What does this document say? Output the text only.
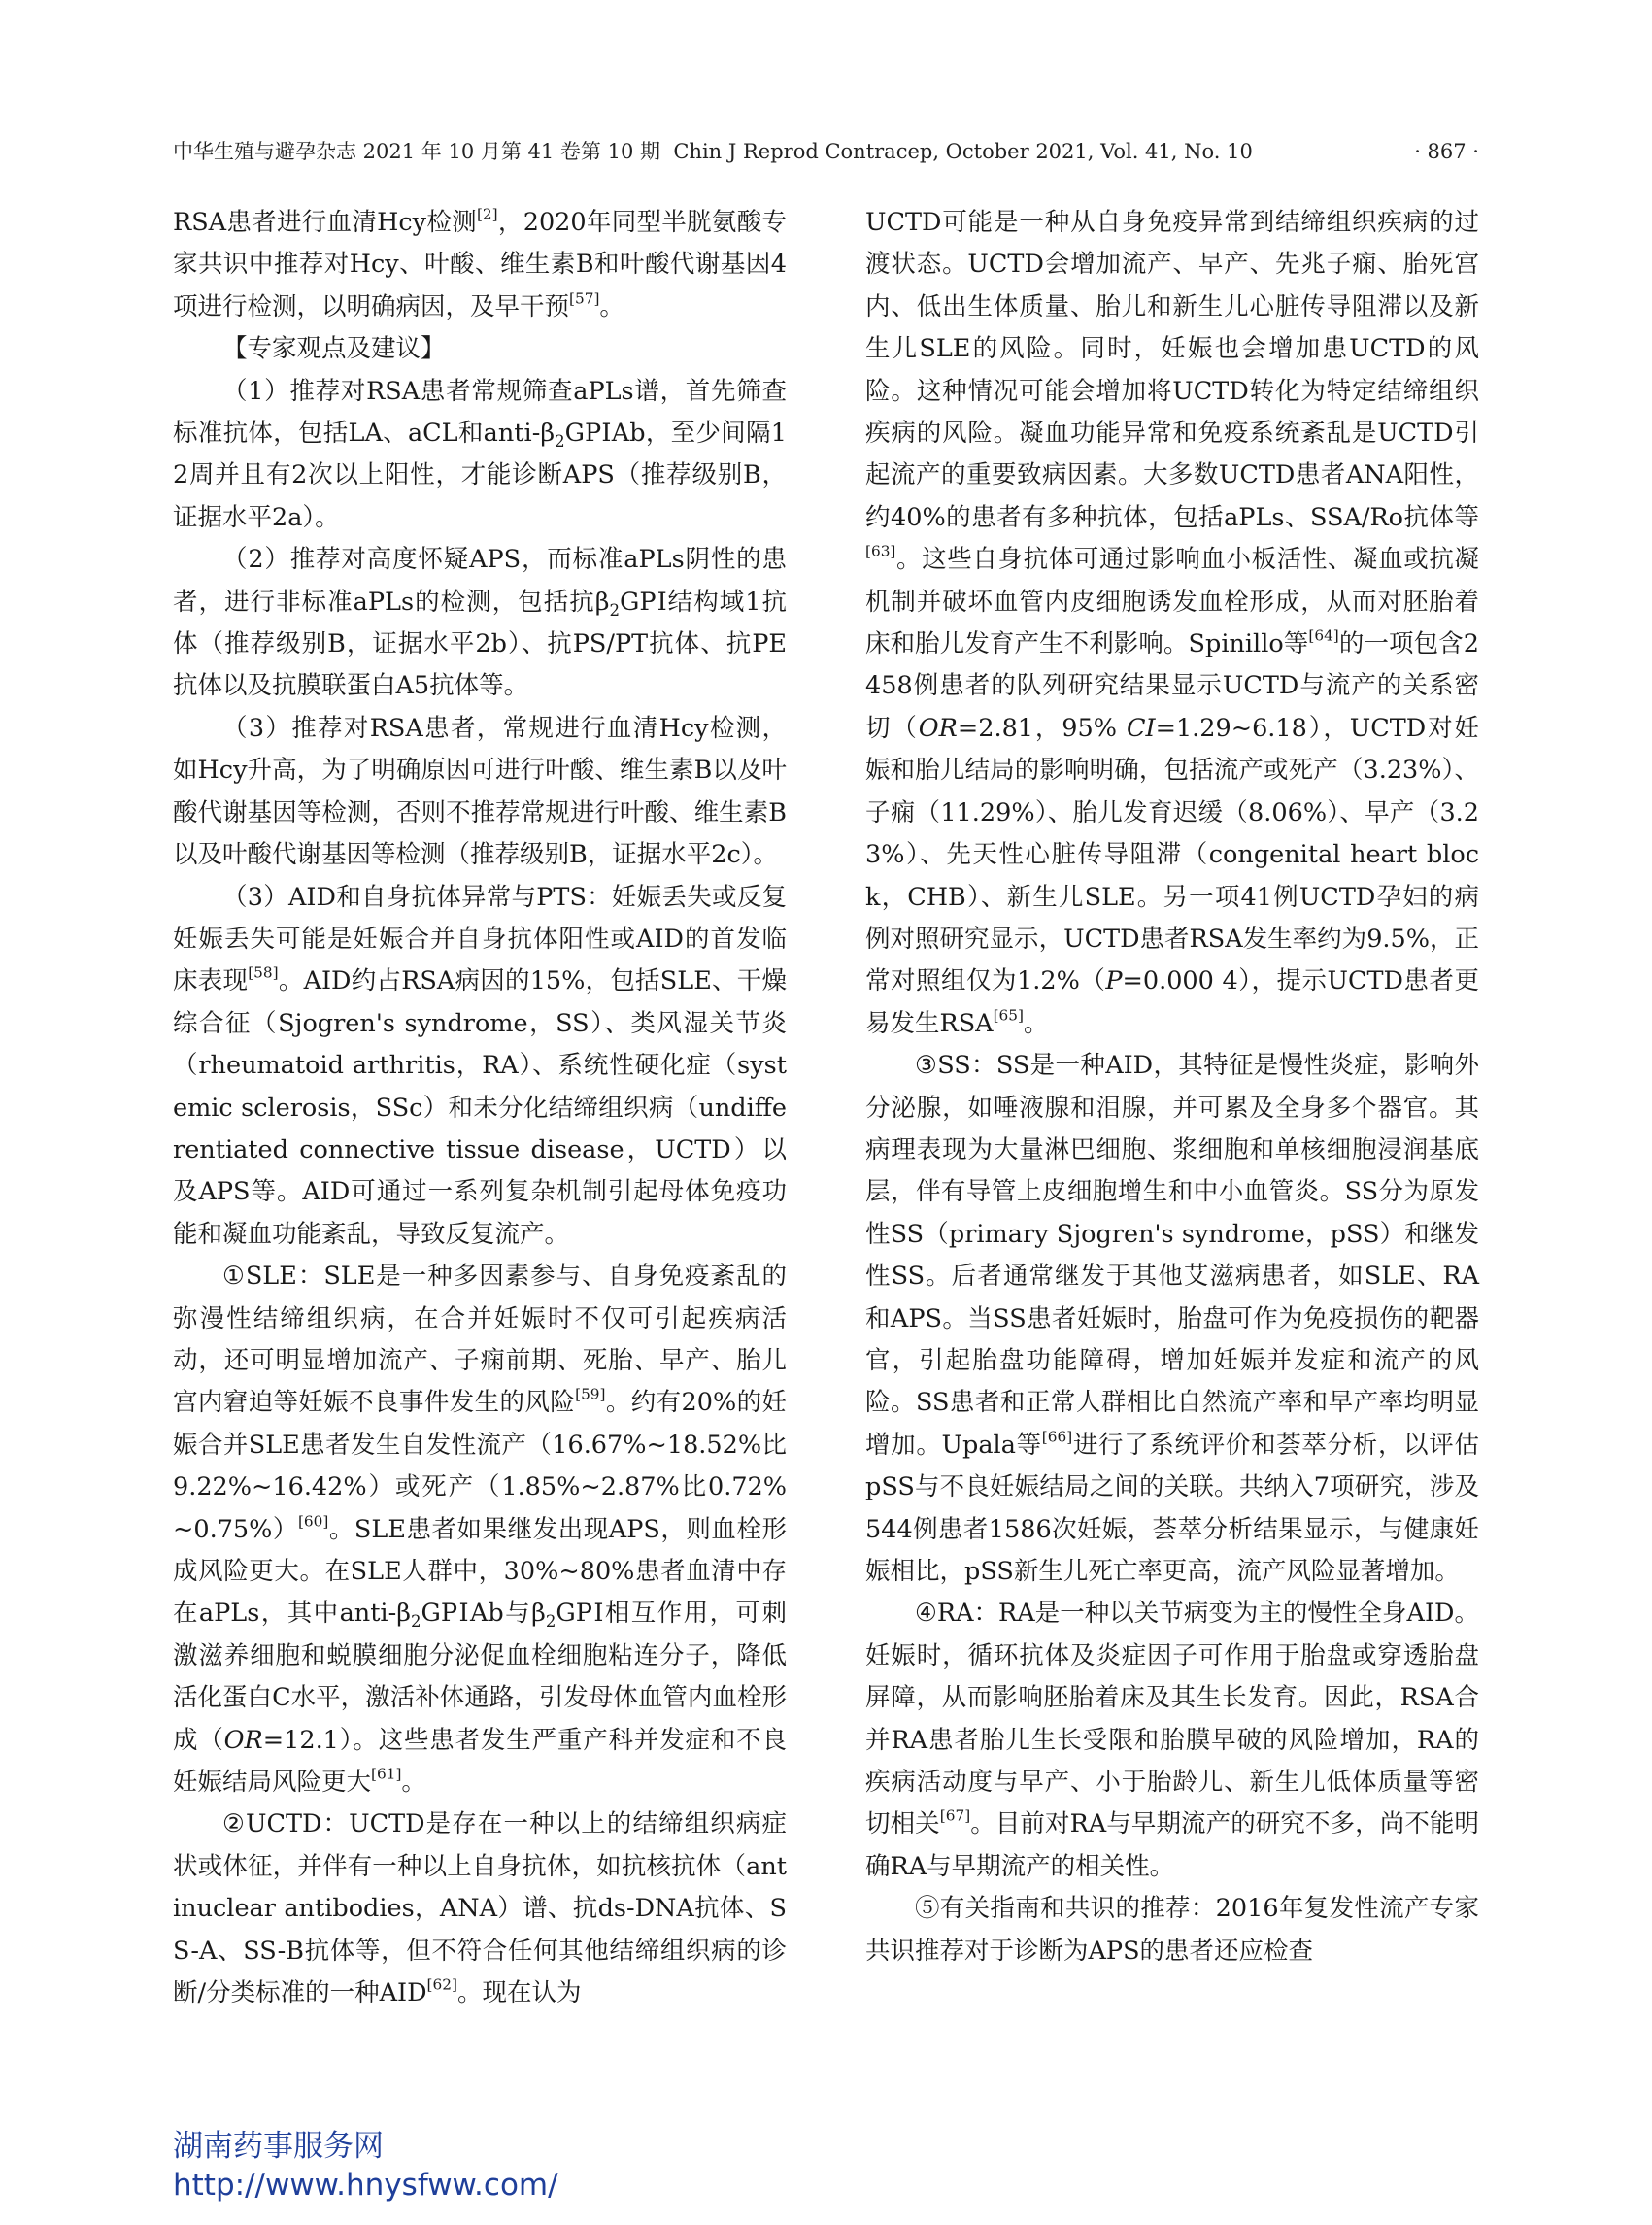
中华生殖与避孕杂志 2021 年 10 月第 41 卷第 10 期 Chin J Reprod Contracep, October 2021, Vol. 41, No. 10	· 867 ·

RSA患者进行血清Hcy检测[2]，2020年同型半胱氨酸专家共识中推荐对Hcy、叶酸、维生素B和叶酸代谢基因4项进行检测，以明确病因，及早干预[57]。

【专家观点及建议】

（1）推荐对RSA患者常规筛查aPLs谱，首先筛查标准抗体，包括LA、aCL和anti-$\beta_2GPⅠAb$，至少间隔12周并且有2次以上阳性，才能诊断APS（推荐级别B，证据水平2a）。

（2）推荐对高度怀疑APS，而标准aPLs阴性的患者，进行非标准aPLs的检测，包括抗$\beta_2GPⅠ$结构域1抗体（推荐级别B，证据水平2b）、抗PS/PT抗体、抗PE抗体以及抗膜联蛋白A5抗体等。

（3）推荐对RSA患者，常规进行血清Hcy检测，如Hcy升高，为了明确原因可进行叶酸、维生素B以及叶酸代谢基因等检测，否则不推荐常规进行叶酸、维生素B以及叶酸代谢基因等检测（推荐级别B，证据水平2c）。

（3）AID和自身抗体异常与PTS：妊娠丢失或反复妊娠丢失可能是妊娠合并自身抗体阳性或AID的首发临床表现[58]。AID约占RSA病因的15%，包括SLE、干燥综合征（Sjogren's syndrome，SS）、类风湿关节炎（rheumatoid arthritis，RA）、系统性硬化症（systemic sclerosis，SSc）和未分化结缔组织病（undifferentiated connective tissue disease，UCTD）以及APS等。AID可通过一系列复杂机制引起母体免疫功能和凝血功能紊乱，导致反复流产。

①SLE：SLE是一种多因素参与、自身免疫紊乱的弥漫性结缔组织病，在合并妊娠时不仅可引起疾病活动，还可明显增加流产、子痫前期、死胎、早产、胎儿宫内窘迫等妊娠不良事件发生的风险[59]。约有20%的妊娠合并SLE患者发生自发性流产（16.67%~18.52%比9.22%~16.42%）或死产（1.85%~2.87%比0.72%~0.75%）[60]。SLE患者如果继发出现APS，则血栓形成风险更大。在SLE人群中，30%~80%患者血清中存在aPLs，其中anti-$\beta_2GPⅠAb$与$\beta_2GPⅠ$相互作用，可刺激滋养细胞和蜕膜细胞分泌促血栓细胞粘连分子，降低活化蛋白C水平，激活补体通路，引发母体血管内血栓形成（OR=12.1）。这些患者发生严重产科并发症和不良妊娠结局风险更大[61]。

②UCTD：UCTD是存在一种以上的结缔组织病症状或体征，并伴有一种以上自身抗体，如抗核抗体（antinuclear antibodies，ANA）谱、抗ds-DNA抗体、SS-A、SS-B抗体等，但不符合任何其他结缔组织病的诊断/分类标准的一种AID[62]。现在认为

UCTD可能是一种从自身免疫异常到结缔组织疾病的过渡状态。UCTD会增加流产、早产、先兆子痫、胎死宫内、低出生体质量、胎儿和新生儿心脏传导阻滞以及新生儿SLE的风险。同时，妊娠也会增加患UCTD的风险。这种情况可能会增加将UCTD转化为特定结缔组织疾病的风险。凝血功能异常和免疫系统紊乱是UCTD引起流产的重要致病因素。大多数UCTD患者ANA阳性，约40%的患者有多种抗体，包括aPLs、SSA/Ro抗体等[63]。这些自身抗体可通过影响血小板活性、凝血或抗凝机制并破坏血管内皮细胞诱发血栓形成，从而对胚胎着床和胎儿发育产生不利影响。Spinillo等[64]的一项包含2458例患者的队列研究结果显示UCTD与流产的关系密切（OR=2.81，95% CI=1.29~6.18），UCTD对妊娠和胎儿结局的影响明确，包括流产或死产（3.23%）、子痫（11.29%）、胎儿发育迟缓（8.06%）、早产（3.23%）、先天性心脏传导阻滞（congenital heart block，CHB）、新生儿SLE。另一项41例UCTD孕妇的病例对照研究显示，UCTD患者RSA发生率约为9.5%，正常对照组仅为1.2%（P=0.000 4），提示UCTD患者更易发生RSA[65]。

③SS：SS是一种AID，其特征是慢性炎症，影响外分泌腺，如唾液腺和泪腺，并可累及全身多个器官。其病理表现为大量淋巴细胞、浆细胞和单核细胞浸润基底层，伴有导管上皮细胞增生和中小血管炎。SS分为原发性SS（primary Sjogren's syndrome，pSS）和继发性SS。后者通常继发于其他艾滋病患者，如SLE、RA和APS。当SS患者妊娠时，胎盘可作为免疫损伤的靶器官，引起胎盘功能障碍，增加妊娠并发症和流产的风险。SS患者和正常人群相比自然流产率和早产率均明显增加。Upala等[66]进行了系统评价和荟萃分析，以评估pSS与不良妊娠结局之间的关联。共纳入7项研究，涉及544例患者1586次妊娠，荟萃分析结果显示，与健康妊娠相比，pSS新生儿死亡率更高，流产风险显著增加。

④RA：RA是一种以关节病变为主的慢性全身AID。妊娠时，循环抗体及炎症因子可作用于胎盘或穿透胎盘屏障，从而影响胚胎着床及其生长发育。因此，RSA合并RA患者胎儿生长受限和胎膜早破的风险增加，RA的疾病活动度与早产、小于胎龄儿、新生儿低体质量等密切相关[67]。目前对RA与早期流产的研究不多，尚不能明确RA与早期流产的相关性。

⑤有关指南和共识的推荐：2016年复发性流产专家共识推荐对于诊断为APS的患者还应检查

湖南药事服务网
http://www.hnysfww.com/
